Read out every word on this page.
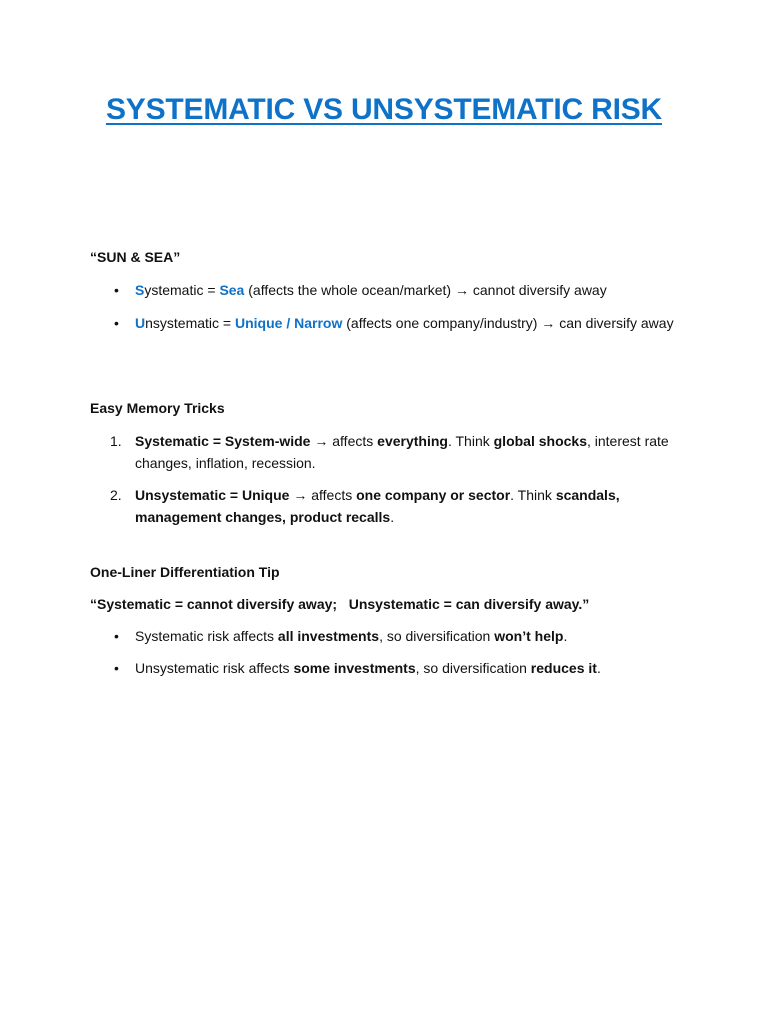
SYSTEMATIC VS UNSYSTEMATIC RISK
“SUN & SEA”
• Systematic = Sea (affects the whole ocean/market) → cannot diversify away
• Unsystematic = Unique / Narrow (affects one company/industry) → can diversify away
Easy Memory Tricks
1. Systematic = System-wide → affects everything. Think global shocks, interest rate changes, inflation, recession.
2. Unsystematic = Unique → affects one company or sector. Think scandals, management changes, product recalls.
One-Liner Differentiation Tip
“Systematic = cannot diversify away;   Unsystematic = can diversify away.”
• Systematic risk affects all investments, so diversification won’t help.
• Unsystematic risk affects some investments, so diversification reduces it.
